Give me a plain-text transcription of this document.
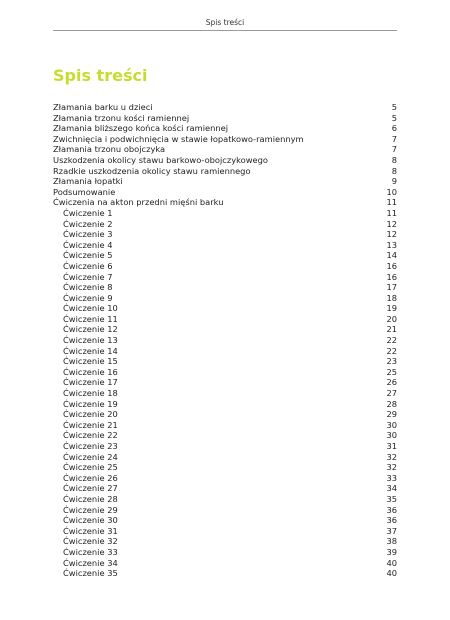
Spis treści
Spis treści
Złamania barku u dzieci	5
Złamania trzonu kości ramiennej	5
Złamania bliższego końca kości ramiennej	6
Zwichnięcia i podwichnięcia w stawie łopatkowo-ramiennym	7
Złamania trzonu obojczyka	7
Uszkodzenia okolicy stawu barkowo-obojczykowego	8
Rzadkie uszkodzenia okolicy stawu ramiennego	8
Złamania łopatki	9
Podsumowanie	10
Ćwiczenia na akton przedni mięśni barku	11
Ćwiczenie 1	11
Ćwiczenie 2	12
Ćwiczenie 3	12
Ćwiczenie 4	13
Ćwiczenie 5	14
Ćwiczenie 6	16
Ćwiczenie 7	16
Ćwiczenie 8	17
Ćwiczenie 9	18
Ćwiczenie 10	19
Ćwiczenie 11	20
Ćwiczenie 12	21
Ćwiczenie 13	22
Ćwiczenie 14	22
Ćwiczenie 15	23
Ćwiczenie 16	25
Ćwiczenie 17	26
Ćwiczenie 18	27
Ćwiczenie 19	28
Ćwiczenie 20	29
Ćwiczenie 21	30
Ćwiczenie 22	30
Ćwiczenie 23	31
Ćwiczenie 24	32
Ćwiczenie 25	32
Ćwiczenie 26	33
Ćwiczenie 27	34
Ćwiczenie 28	35
Ćwiczenie 29	36
Ćwiczenie 30	36
Ćwiczenie 31	37
Ćwiczenie 32	38
Ćwiczenie 33	39
Ćwiczenie 34	40
Ćwiczenie 35	40
